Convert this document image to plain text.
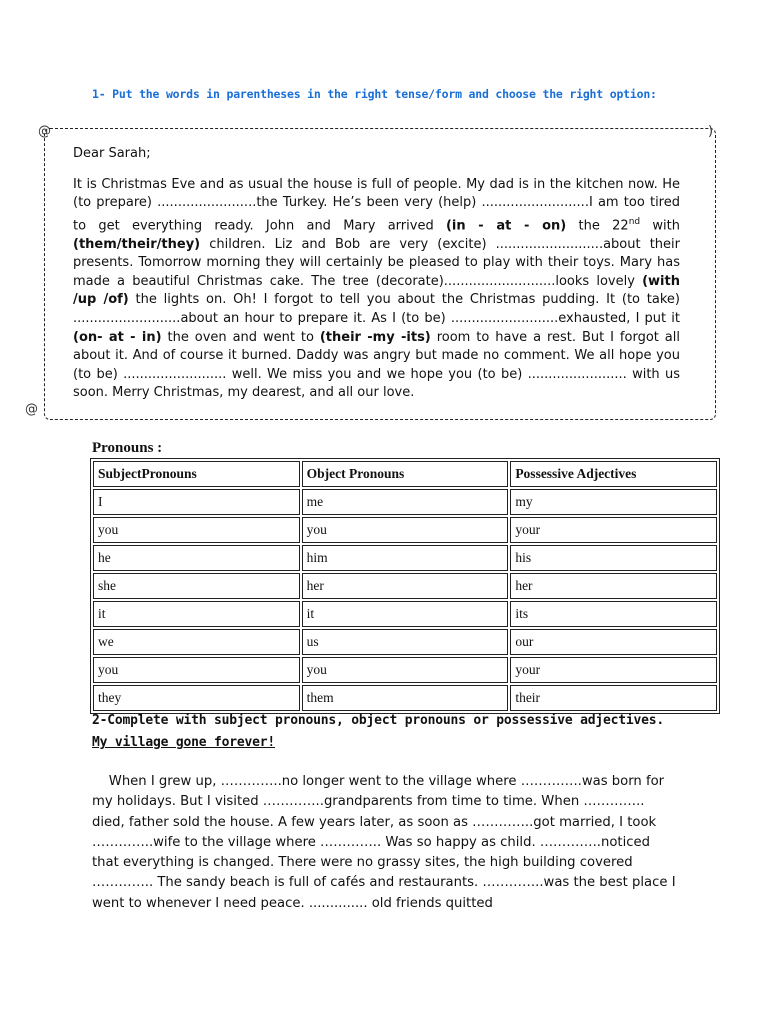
1- Put the words in parentheses in the right tense/form and choose the right option:
@
@
)
Dear Sarah;
It is Christmas Eve and as usual the house is full of people. My dad is in the kitchen now. He (to prepare) ........................the Turkey. He’s been very (help) ..........................I am too tired to get everything ready. John and Mary arrived (in - at - on) the 22nd with (them/their/they) children. Liz and Bob are very (excite) ..........................about their presents. Tomorrow morning they will certainly be pleased to play with their toys. Mary has made a beautiful Christmas cake. The tree (decorate)...........................looks lovely (with /up /of) the lights on. Oh! I forgot to tell you about the Christmas pudding. It (to take) ..........................about an hour to prepare it. As I (to be) ..........................exhausted, I put it (on- at - in) the oven and went to (their -my -its) room to have a rest. But I forgot all about it. And of course it burned. Daddy was angry but made no comment. We all hope you (to be) ......................... well. We miss you and we hope you (to be) ........................ with us soon. Merry Christmas, my dearest, and all our love.
Pronouns :
SubjectPronouns	Object Pronouns	Possessive Adjectives
I	me	my
you	you	your
he	him	his
she	her	her
it	it	its
we	us	our
you	you	your
they	them	their
2-Complete with subject pronouns, object pronouns or possessive adjectives.
My village gone forever!
When I grew up, …………..no longer went to the village where …………..was born for my holidays. But I visited …………..grandparents from time to time. When ………….. died, father sold the house. A few years later, as soon as …………..got married, I took …………..wife to the village where ………….. Was so happy as child. …………..noticed that everything is changed. There were no grassy sites, the high building covered ………….. The sandy beach is full of cafés and restaurants. …………..was the best place I went to whenever I need peace. .............. old friends quitted
